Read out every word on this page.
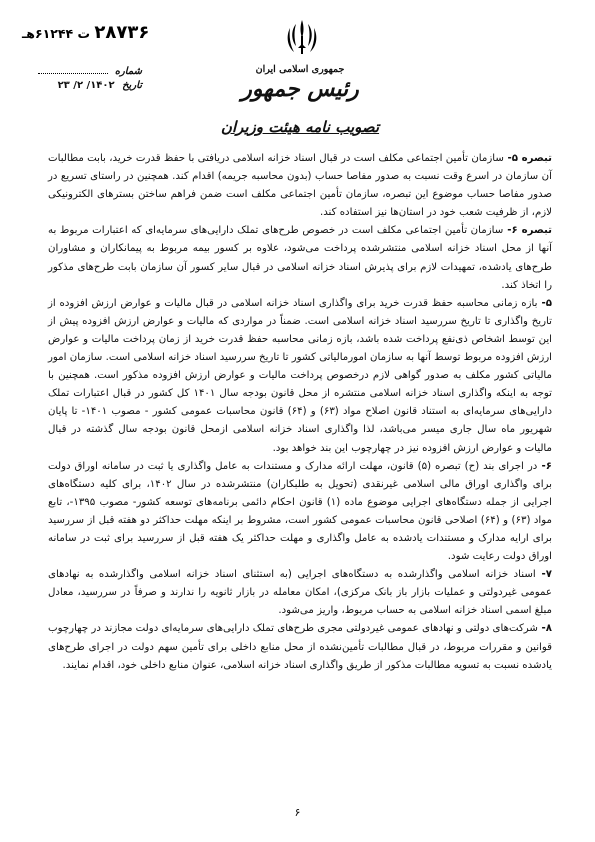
۲۸۷۳۶ ت ۶۱۲۴۴هـ
شماره
تاریخ ۱۴۰۲/ ۲/ ۲۳
جمهوری اسلامی ایران
رئیس جمهور
تصویب نامه هیئت وزیران

تبصره ۵- سازمان تأمین اجتماعی مکلف است در قبال اسناد خزانه اسلامی دریافتی با حفظ قدرت خرید، بابت مطالبات آن سازمان در اسرع وقت نسبت به صدور مفاصا حساب (بدون محاسبه جریمه) اقدام کند. همچنین در راستای تسریع در صدور مفاصا حساب موضوع این تبصره، سازمان تأمین اجتماعی مکلف است ضمن فراهم ساختن بسترهای الکترونیکی لازم، از ظرفیت شعب خود در استان‌ها نیز استفاده کند.

تبصره ۶- سازمان تأمین اجتماعی مکلف است در خصوص طرح‌های تملک دارایی‌های سرمایه‌ای که اعتبارات مربوط به آنها از محل اسناد خزانه اسلامی منتشرشده پرداخت می‌شود، علاوه بر کسور بیمه مربوط به پیمانکاران و مشاوران طرح‌های یادشده، تمهیدات لازم برای پذیرش اسناد خزانه اسلامی در قبال سایر کسور آن سازمان بابت طرح‌های مذکور را اتخاذ کند.

۵- بازه زمانی محاسبه حفظ قدرت خرید برای واگذاری اسناد خزانه اسلامی در قبال مالیات و عوارض ارزش افزوده از تاریخ واگذاری تا تاریخ سررسید اسناد خزانه اسلامی است. ضمناً در مواردی که مالیات و عوارض ارزش افزوده پیش از این توسط اشخاص ذی‌نفع پرداخت شده باشد، بازه زمانی محاسبه حفظ قدرت خرید از زمان پرداخت مالیات و عوارض ارزش افزوده مربوط توسط آنها به سازمان امورمالیاتی کشور تا تاریخ سررسید اسناد خزانه اسلامی است. سازمان امور مالیاتی کشور مکلف به صدور گواهی لازم درخصوص پرداخت مالیات و عوارض ارزش افزوده مذکور است. همچنین با توجه به اینکه واگذاری اسناد خزانه اسلامی منتشره از محل قانون بودجه سال ۱۴۰۱ کل کشور در قبال اعتبارات تملک دارایی‌های سرمایه‌ای به استناد قانون اصلاح مواد (۶۳) و (۶۴) قانون محاسبات عمومی کشور - مصوب ۱۴۰۱- تا پایان شهریور ماه سال جاری میسر می‌باشد، لذا واگذاری اسناد خزانه اسلامی ازمحل قانون بودجه سال گذشته در قبال مالیات و عوارض ارزش افزوده نیز در چهارچوب این بند خواهد بود.

۶- در اجرای بند (ح) تبصره (۵) قانون، مهلت ارائه مدارک و مستندات به عامل واگذاری یا ثبت در سامانه اوراق دولت برای واگذاری اوراق مالی اسلامی غیرنقدی (تحویل به طلبکاران) منتشرشده در سال ۱۴۰۲، برای کلیه دستگاه‌های اجرایی از جمله دستگاه‌های اجرایی موضوع ماده (۱) قانون احکام دائمی برنامه‌های توسعه کشور- مصوب ۱۳۹۵-، تابع مواد (۶۳) و (۶۴) اصلاحی قانون محاسبات عمومی کشور است، مشروط بر اینکه مهلت حداکثر دو هفته قبل از سررسید برای ارایه مدارک و مستندات یادشده به عامل واگذاری و مهلت حداکثر یک هفته قبل از سررسید برای ثبت در سامانه اوراق دولت رعایت شود.

۷- اسناد خزانه اسلامی واگذارشده به دستگاه‌های اجرایی (به استثنای اسناد خزانه اسلامی واگذارشده به نهادهای عمومی غیردولتی و عملیات بازار باز بانک مرکزی)، امکان معامله در بازار ثانویه را ندارند و صرفاً در سررسید، معادل مبلغ اسمی اسناد خزانه اسلامی به حساب مربوط، واریز می‌شود.

۸- شرکت‌های دولتی و نهادهای عمومی غیردولتی مجری طرح‌های تملک دارایی‌های سرمایه‌ای دولت مجازند در چهارچوب قوانین و مقررات مربوط، در قبال مطالبات تأمین‌نشده از محل منابع داخلی برای تأمین سهم دولت در اجرای طرح‌های یادشده نسبت به تسویه مطالبات مذکور از طریق واگذاری اسناد خزانه اسلامی، عنوان منابع داخلی خود، اقدام نمایند.

۶
